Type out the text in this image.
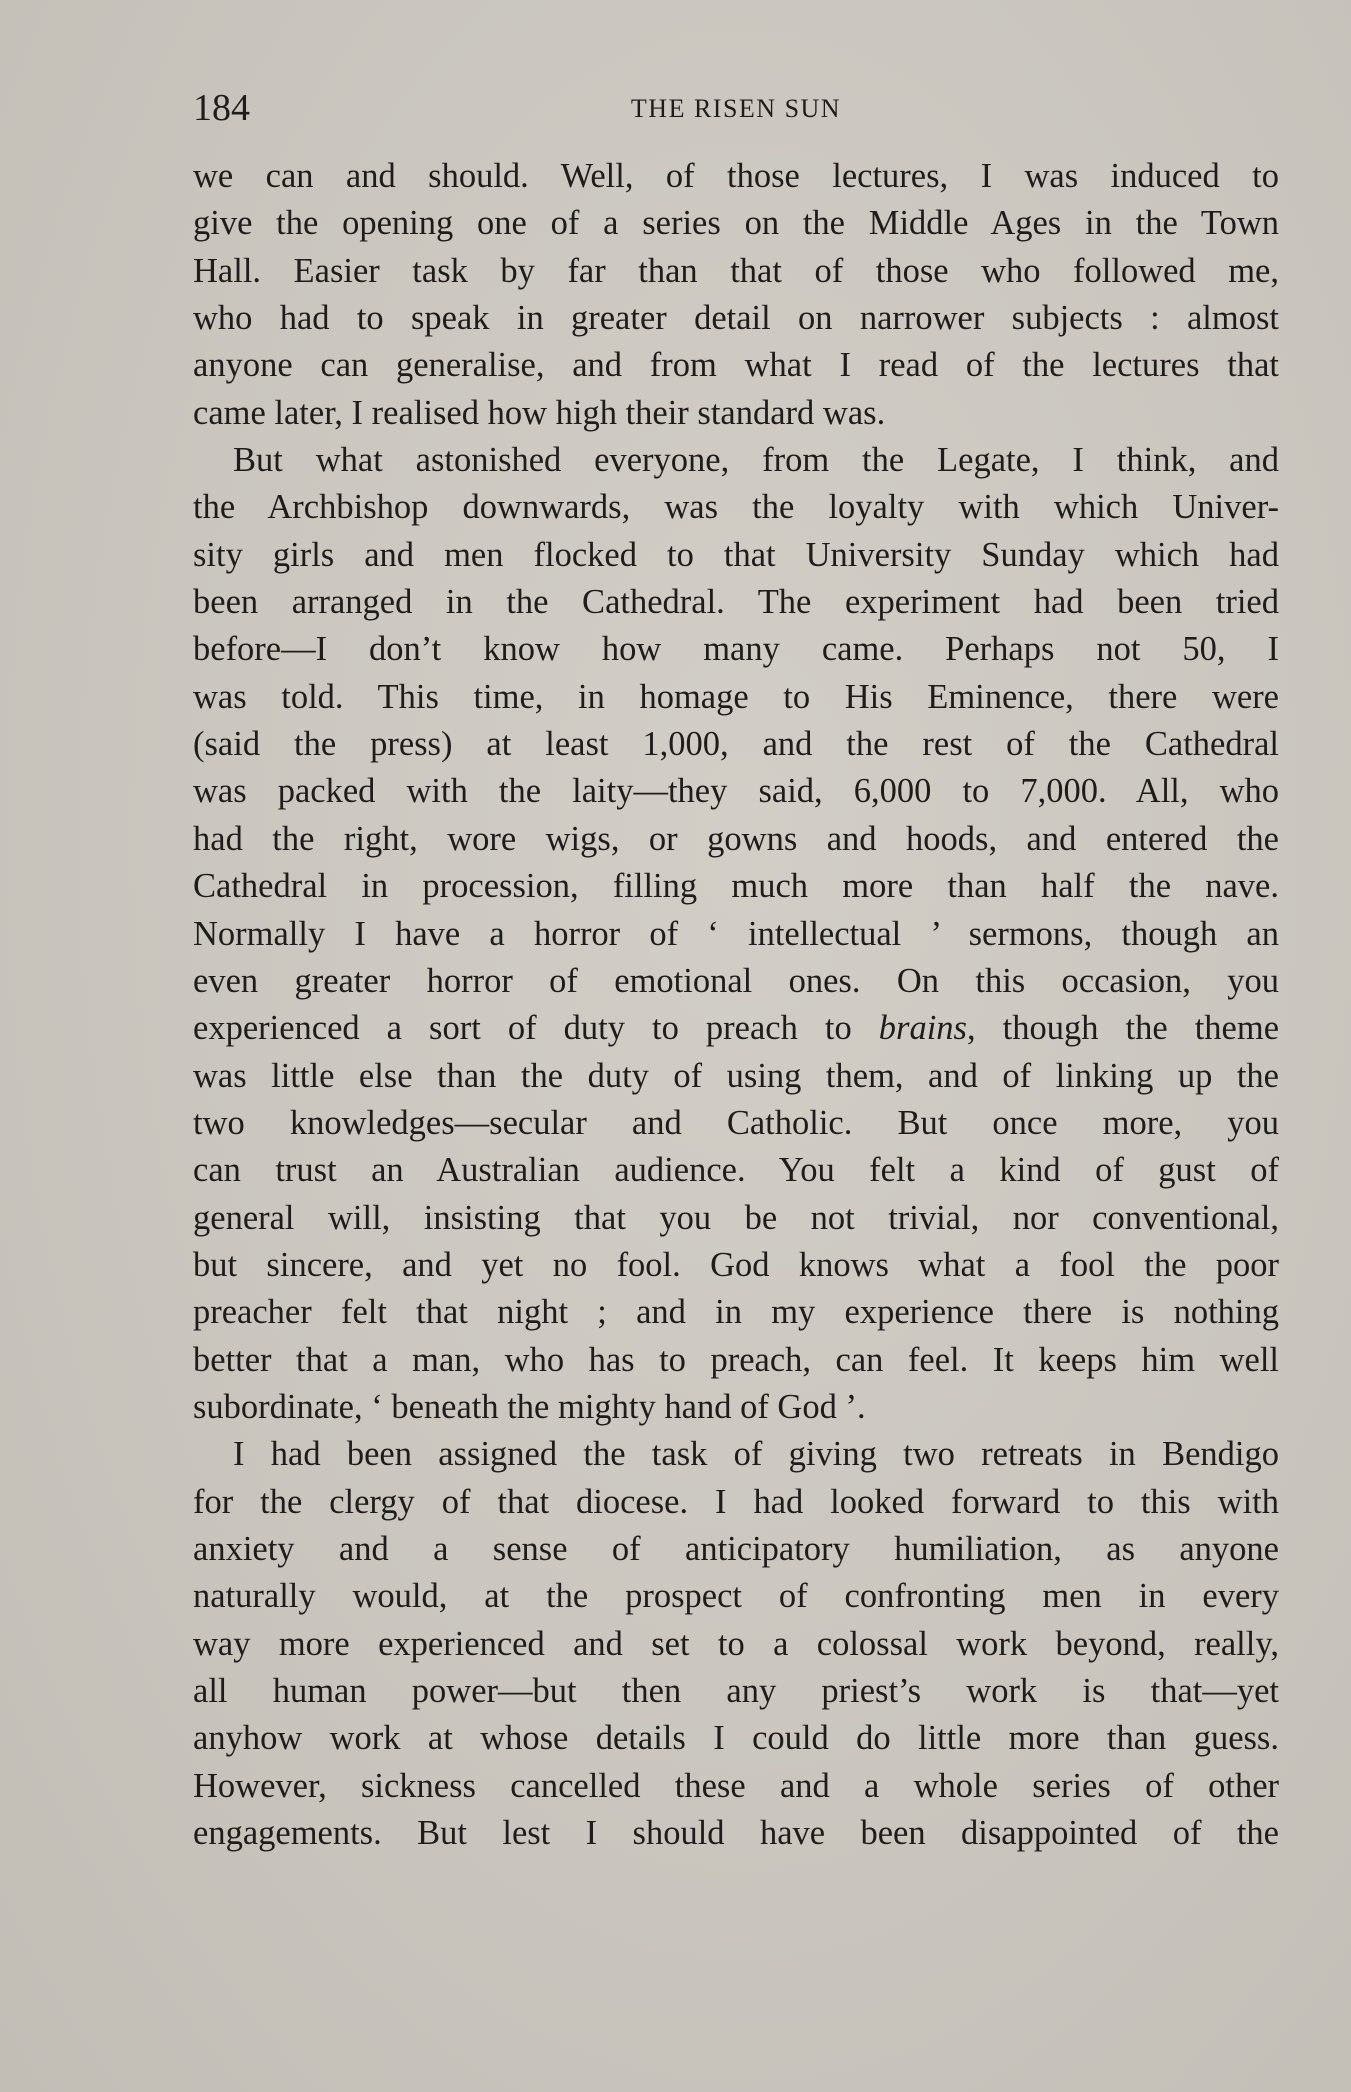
184	THE RISEN SUN
we can and should. Well, of those lectures, I was induced to
give the opening one of a series on the Middle Ages in the Town
Hall. Easier task by far than that of those who followed me,
who had to speak in greater detail on narrower subjects : almost
anyone can generalise, and from what I read of the lectures that
came later, I realised how high their standard was.
But what astonished everyone, from the Legate, I think, and
the Archbishop downwards, was the loyalty with which Univer-
sity girls and men flocked to that University Sunday which had
been arranged in the Cathedral. The experiment had been tried
before—I don’t know how many came. Perhaps not 50, I
was told. This time, in homage to His Eminence, there were
(said the press) at least 1,000, and the rest of the Cathedral
was packed with the laity—they said, 6,000 to 7,000. All, who
had the right, wore wigs, or gowns and hoods, and entered the
Cathedral in procession, filling much more than half the nave.
Normally I have a horror of ‘ intellectual ’ sermons, though an
even greater horror of emotional ones. On this occasion, you
experienced a sort of duty to preach to brains, though the theme
was little else than the duty of using them, and of linking up the
two knowledges—secular and Catholic. But once more, you
can trust an Australian audience. You felt a kind of gust of
general will, insisting that you be not trivial, nor conventional,
but sincere, and yet no fool. God knows what a fool the poor
preacher felt that night ; and in my experience there is nothing
better that a man, who has to preach, can feel. It keeps him well
subordinate, ‘ beneath the mighty hand of God ’.
I had been assigned the task of giving two retreats in Bendigo
for the clergy of that diocese. I had looked forward to this with
anxiety and a sense of anticipatory humiliation, as anyone
naturally would, at the prospect of confronting men in every
way more experienced and set to a colossal work beyond, really,
all human power—but then any priest’s work is that—yet
anyhow work at whose details I could do little more than guess.
However, sickness cancelled these and a whole series of other
engagements. But lest I should have been disappointed of the
